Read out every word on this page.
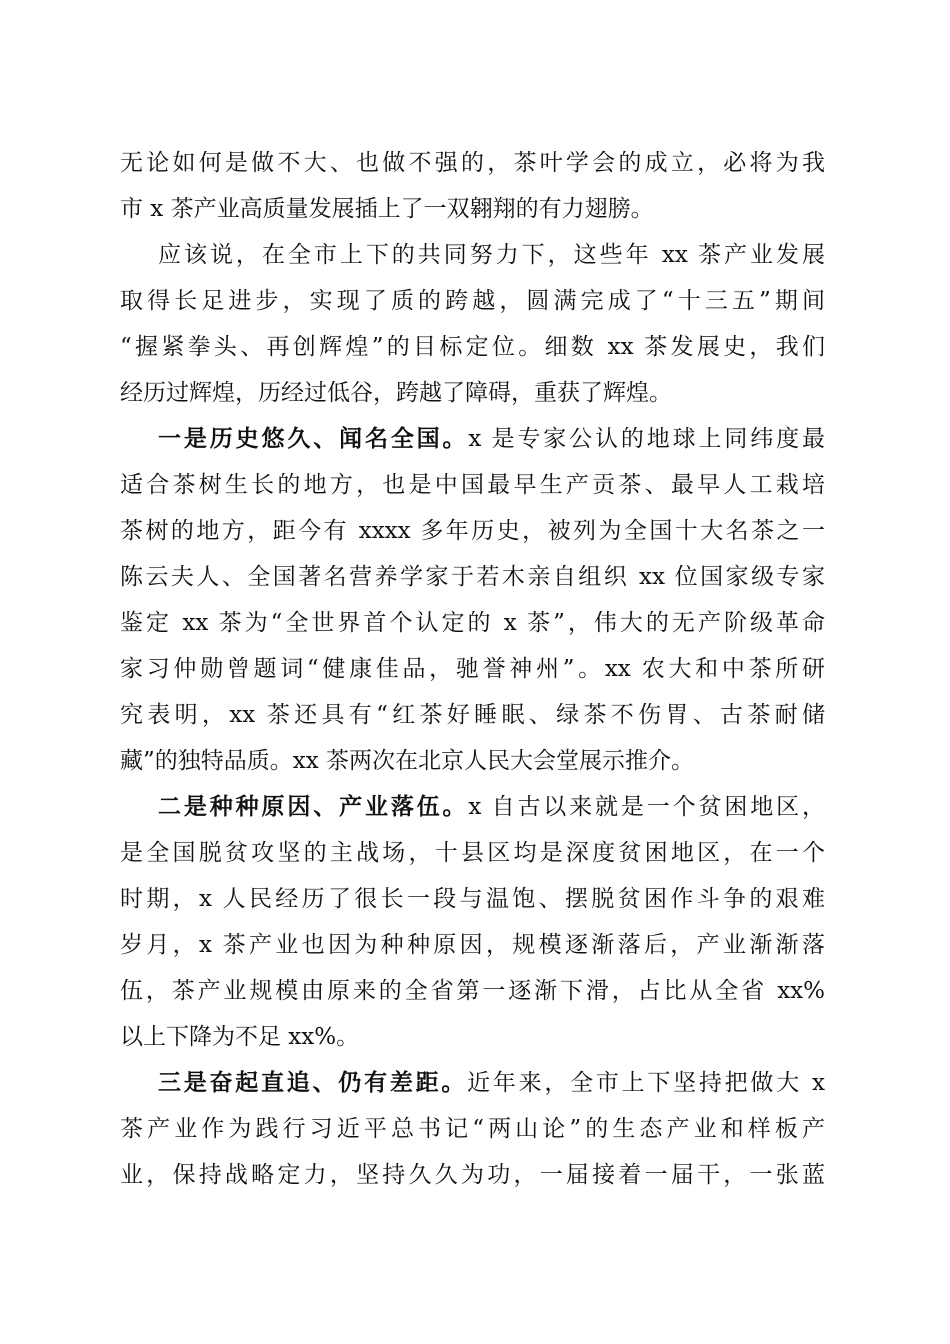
无论如何是做不大、也做不强的，茶叶学会的成立，必将为我
市 x 茶产业高质量发展插上了一双翱翔的有力翅膀。
应该说，在全市上下的共同努力下，这些年 xx 茶产业发展
取得长足进步，实现了质的跨越，圆满完成了“十三五”期间
“握紧拳头、再创辉煌”的目标定位。细数 xx 茶发展史，我们
经历过辉煌，历经过低谷，跨越了障碍，重获了辉煌。
一是历史悠久、闻名全国。x 是专家公认的地球上同纬度最
适合茶树生长的地方，也是中国最早生产贡茶、最早人工栽培
茶树的地方，距今有 xxxx 多年历史，被列为全国十大名茶之一
陈云夫人、全国著名营养学家于若木亲自组织 xx 位国家级专家
鉴定 xx 茶为“全世界首个认定的 x 茶”，伟大的无产阶级革命
家习仲勋曾题词“健康佳品，驰誉神州”。xx 农大和中茶所研
究表明，xx 茶还具有“红茶好睡眠、绿茶不伤胃、古茶耐储
藏”的独特品质。xx 茶两次在北京人民大会堂展示推介。
二是种种原因、产业落伍。x 自古以来就是一个贫困地区，
是全国脱贫攻坚的主战场，十县区均是深度贫困地区，在一个
时期，x 人民经历了很长一段与温饱、摆脱贫困作斗争的艰难
岁月，x 茶产业也因为种种原因，规模逐渐落后，产业渐渐落
伍，茶产业规模由原来的全省第一逐渐下滑，占比从全省 xx%
以上下降为不足 xx%。
三是奋起直追、仍有差距。近年来，全市上下坚持把做大 x
茶产业作为践行习近平总书记“两山论”的生态产业和样板产
业，保持战略定力，坚持久久为功，一届接着一届干，一张蓝
